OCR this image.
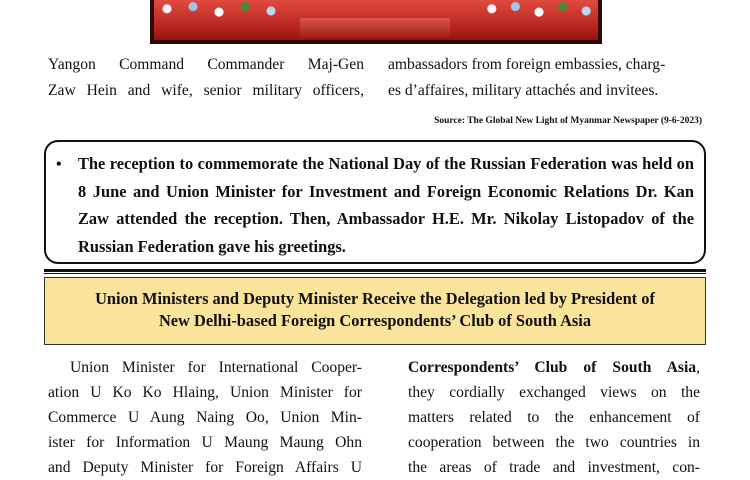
Yangon Command Commander Maj-Gen
Zaw Hein and wife, senior military officers,
ambassadors from foreign embassies, charg-
es d’affaires, military attachés and invitees.
Source: The Global New Light of Myanmar Newspaper (9-6-2023)
• The reception to commemorate the National Day of the Russian Federation was held on 8 June and Union Minister for Investment and Foreign Economic Relations Dr. Kan Zaw attended the reception. Then, Ambassador H.E. Mr. Nikolay Listopadov of the Russian Federation gave his greetings.
Union Ministers and Deputy Minister Receive the Delegation led by President of
New Delhi-based Foreign Correspondents’ Club of South Asia
Union Minister for International Cooper-
ation U Ko Ko Hlaing, Union Minister for
Commerce U Aung Naing Oo, Union Min-
ister for Information U Maung Maung Ohn
and Deputy Minister for Foreign Affairs U
Correspondents’ Club of South Asia,
they cordially exchanged views on the
matters related to the enhancement of
cooperation between the two countries in
the areas of trade and investment, con-
